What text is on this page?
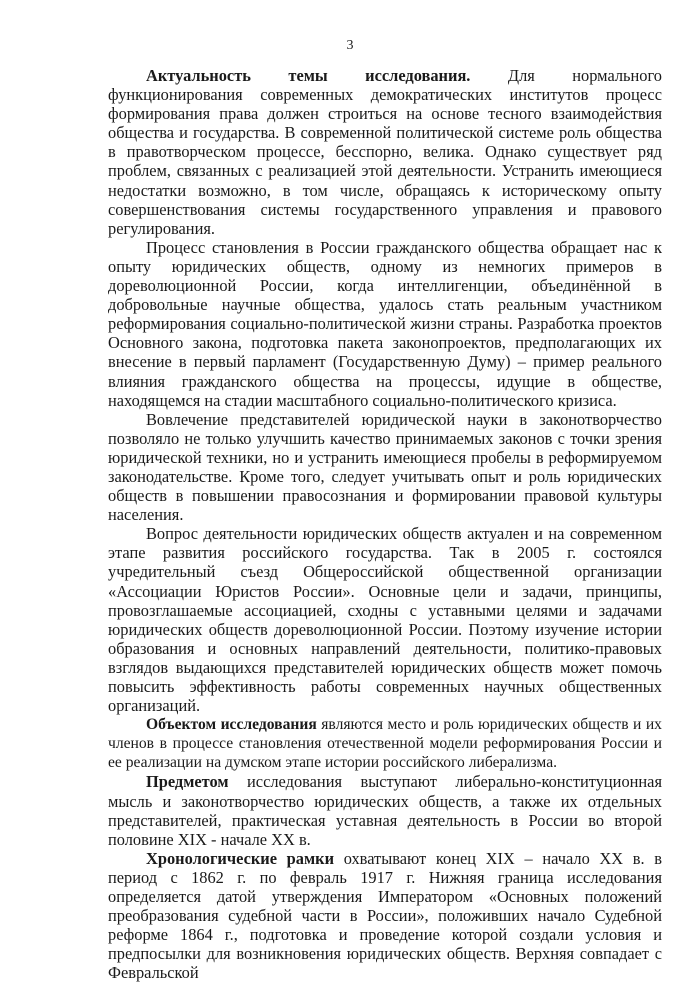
3

Актуальность темы исследования. Для нормального функционирования современных демократических институтов процесс формирования права должен строиться на основе тесного взаимодействия общества и государства. В современной политической системе роль общества в правотворческом процессе, бесспорно, велика. Однако существует ряд проблем, связанных с реализацией этой деятельности. Устранить имеющиеся недостатки возможно, в том числе, обращаясь к историческому опыту совершенствования системы государственного управления и правового регулирования.

Процесс становления в России гражданского общества обращает нас к опыту юридических обществ, одному из немногих примеров в дореволюционной России, когда интеллигенции, объединённой в добровольные научные общества, удалось стать реальным участником реформирования социально-политической жизни страны. Разработка проектов Основного закона, подготовка пакета законопроектов, предполагающих их внесение в первый парламент (Государственную Думу) – пример реального влияния гражданского общества на процессы, идущие в обществе, находящемся на стадии масштабного социально-политического кризиса.

Вовлечение представителей юридической науки в законотворчество позволяло не только улучшить качество принимаемых законов с точки зрения юридической техники, но и устранить имеющиеся пробелы в реформируемом законодательстве. Кроме того, следует учитывать опыт и роль юридических обществ в повышении правосознания и формировании правовой культуры населения.

Вопрос деятельности юридических обществ актуален и на современном этапе развития российского государства. Так в 2005 г. состоялся учредительный съезд Общероссийской общественной организации «Ассоциации Юристов России». Основные цели и задачи, принципы, провозглашаемые ассоциацией, сходны с уставными целями и задачами юридических обществ дореволюционной России. Поэтому изучение истории образования и основных направлений деятельности, политико-правовых взглядов выдающихся представителей юридических обществ может помочь повысить эффективность работы современных научных общественных организаций.

Объектом исследования являются место и роль юридических обществ и их членов в процессе становления отечественной модели реформирования России и ее реализации на думском этапе истории российского либерализма.

Предметом исследования выступают либерально-конституционная мысль и законотворчество юридических обществ, а также их отдельных представителей, практическая уставная деятельность в России во второй половине XIX - начале XX в.

Хронологические рамки охватывают конец XIX – начало XX в. в период с 1862 г. по февраль 1917 г. Нижняя граница исследования определяется датой утверждения Императором «Основных положений преобразования судебной части в России», положивших начало Судебной реформе 1864 г., подготовка и проведение которой создали условия и предпосылки для возникновения юридических обществ. Верхняя совпадает с Февральской
